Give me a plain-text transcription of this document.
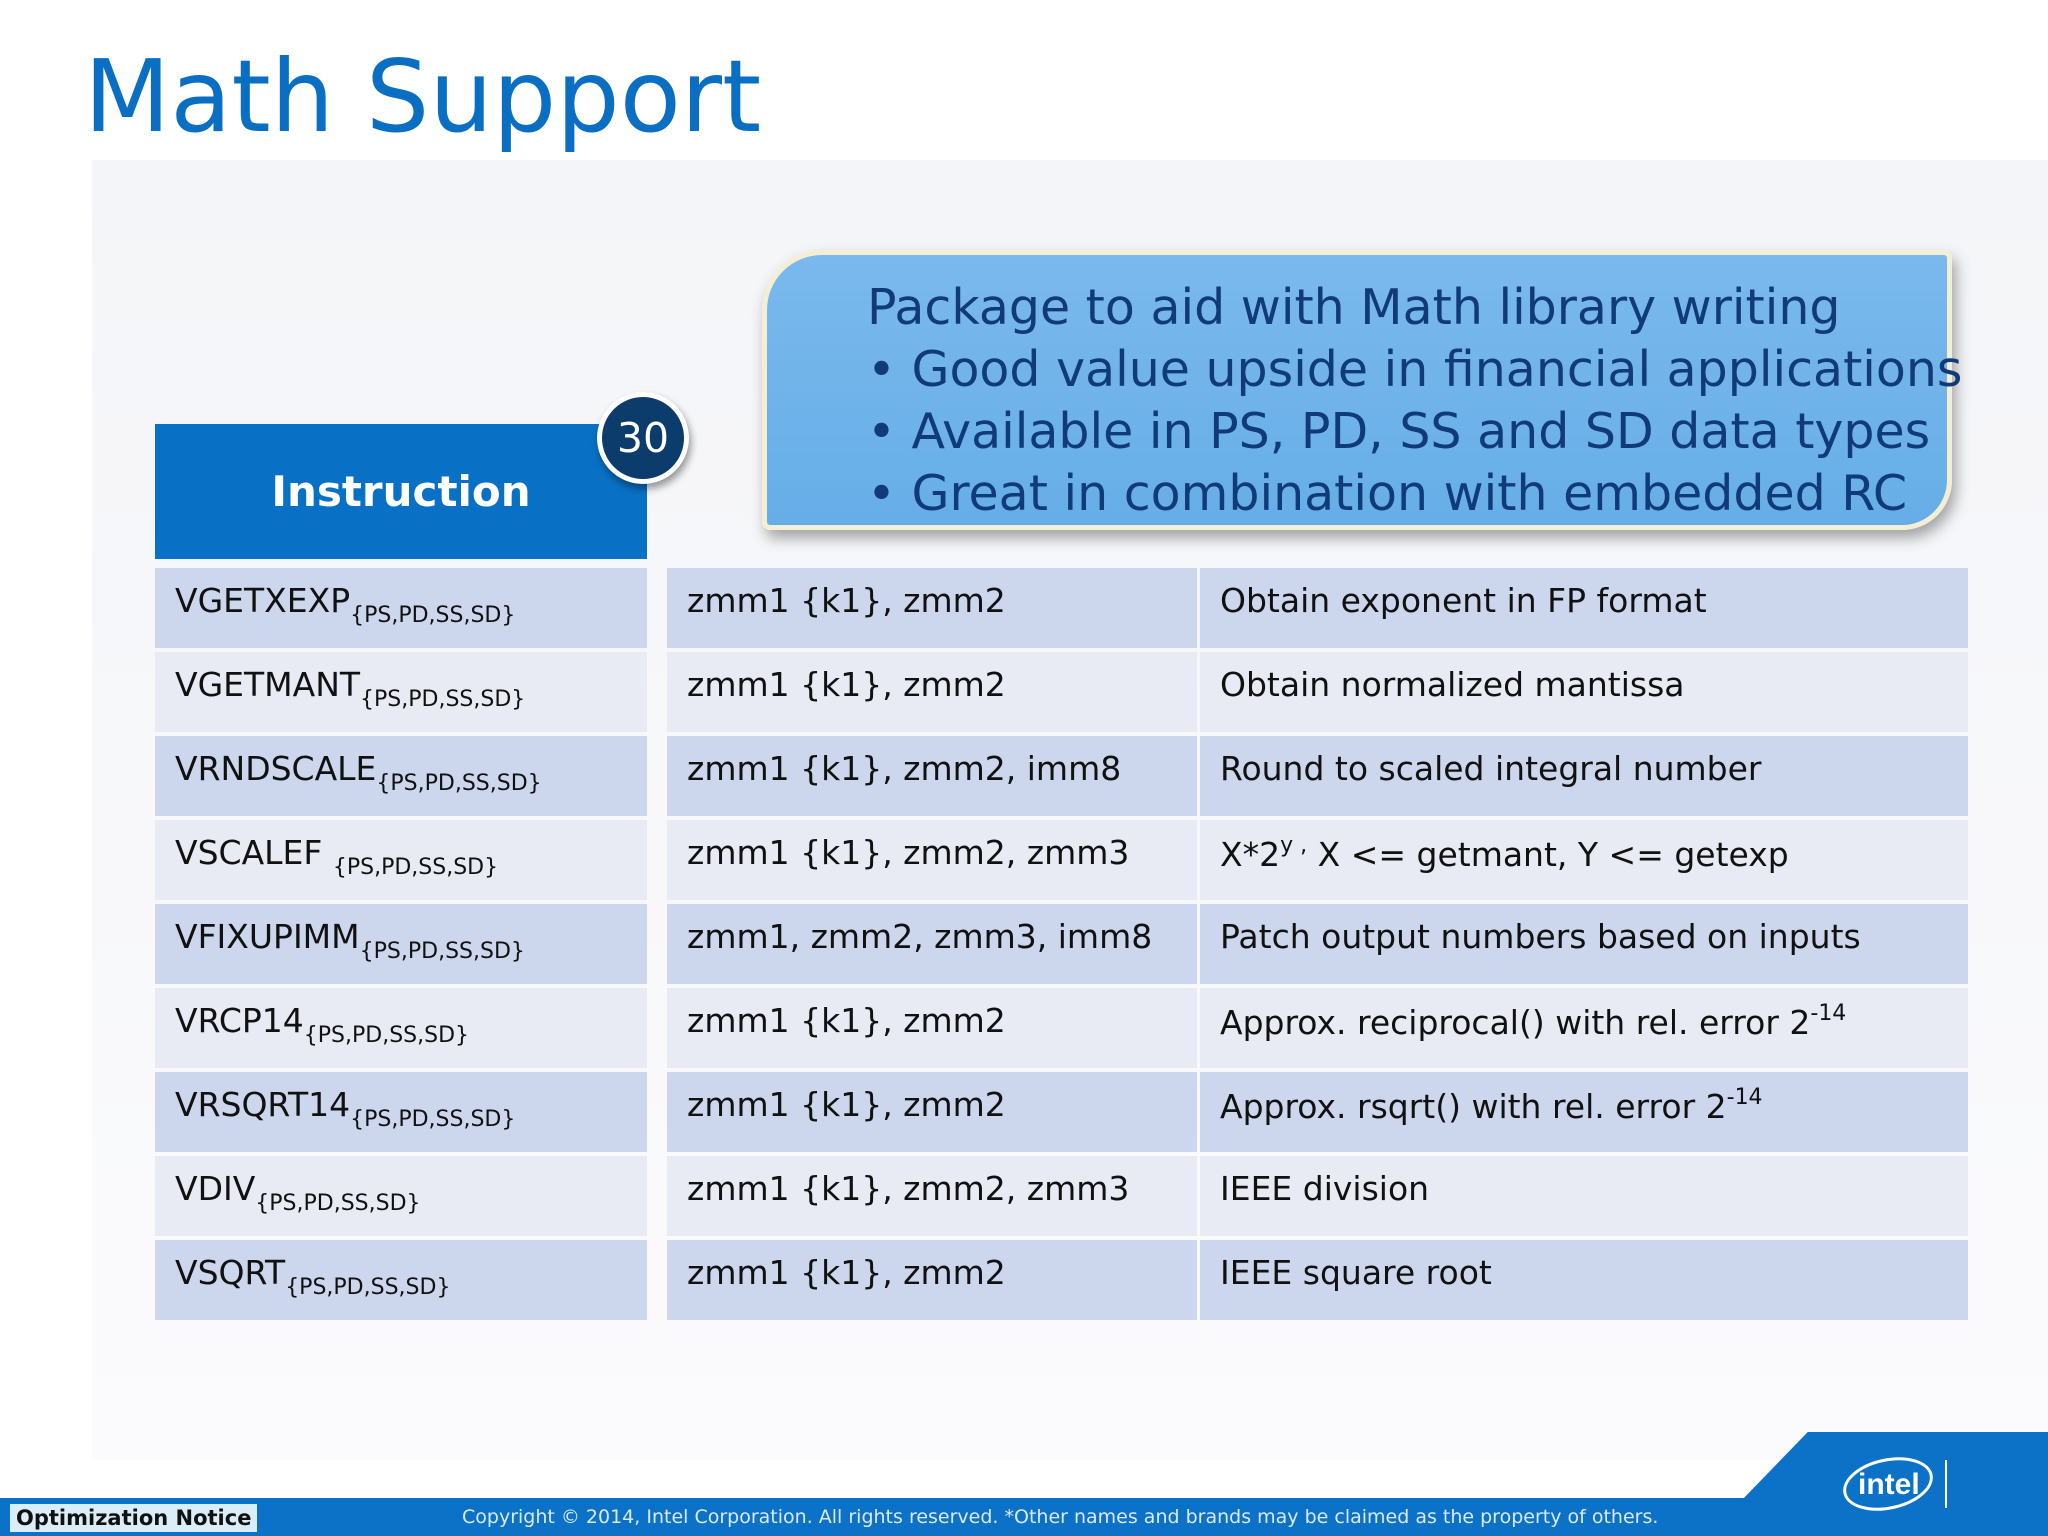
Math Support
Package to aid with Math library writing
• Good value upside in financial applications
• Available in PS, PD, SS and SD data types
• Great in combination with embedded RC
Instruction
30
$VGETXEXP_{\{PS,PD,SS,SD\}}$	zmm1 {k1}, zmm2	Obtain exponent in FP format
$VGETMANT_{\{PS,PD,SS,SD\}}$	zmm1 {k1}, zmm2	Obtain normalized mantissa
$VRNDSCALE_{\{PS,PD,SS,SD\}}$	zmm1 {k1}, zmm2, imm8	Round to scaled integral number
VSCALEF $_{\{PS,PD,SS,SD\}}$	zmm1 {k1}, zmm2, zmm3	$X*2^{y ,}$ X <= getmant, Y <= getexp
$VFIXUPIMM_{\{PS,PD,SS,SD\}}$	zmm1, zmm2, zmm3, imm8	Patch output numbers based on inputs
$VRCP14_{\{PS,PD,SS,SD\}}$	zmm1 {k1}, zmm2	Approx. reciprocal() with rel. error $2^{-14}$
$VRSQRT14_{\{PS,PD,SS,SD\}}$	zmm1 {k1}, zmm2	Approx. rsqrt() with rel. error $2^{-14}$
$VDIV_{\{PS,PD,SS,SD\}}$	zmm1 {k1}, zmm2, zmm3	IEEE division
$VSQRT_{\{PS,PD,SS,SD\}}$	zmm1 {k1}, zmm2	IEEE square root
Optimization Notice	Copyright © 2014, Intel Corporation. All rights reserved. *Other names and brands may be claimed as the property of others.
intel
